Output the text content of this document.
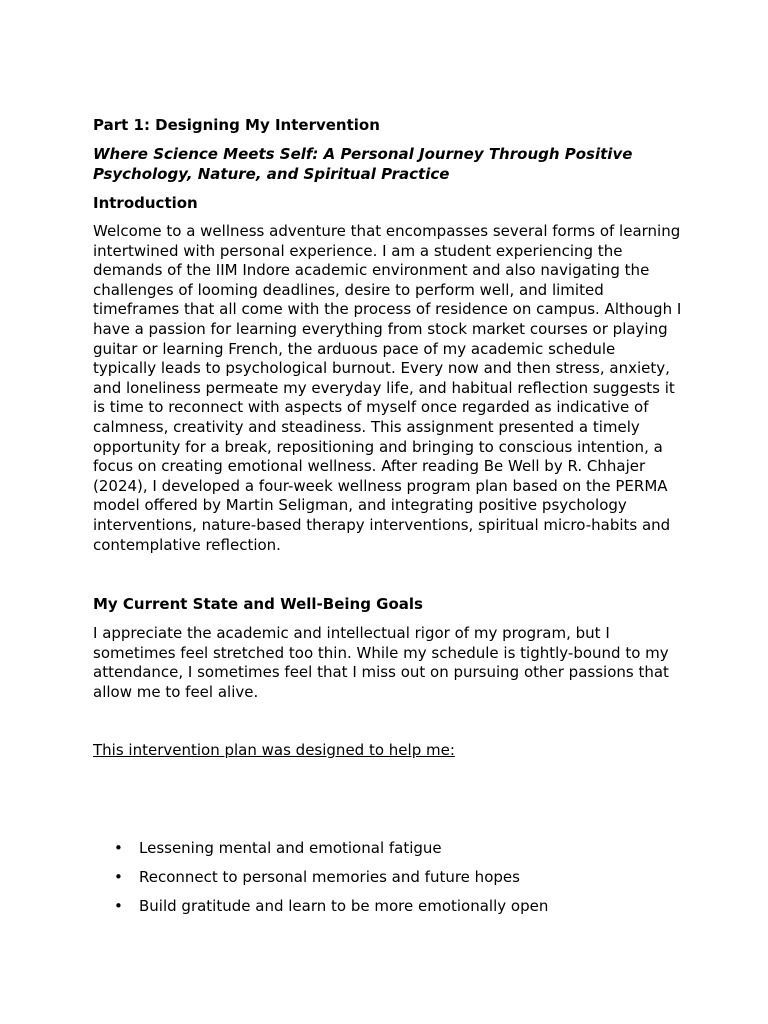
Part 1: Designing My Intervention
Where Science Meets Self: A Personal Journey Through Positive Psychology, Nature, and Spiritual Practice
Introduction

Welcome to a wellness adventure that encompasses several forms of learning intertwined with personal experience. I am a student experiencing the demands of the IIM Indore academic environment and also navigating the challenges of looming deadlines, desire to perform well, and limited timeframes that all come with the process of residence on campus. Although I have a passion for learning everything from stock market courses or playing guitar or learning French, the arduous pace of my academic schedule typically leads to psychological burnout. Every now and then stress, anxiety, and loneliness permeate my everyday life, and habitual reflection suggests it is time to reconnect with aspects of myself once regarded as indicative of calmness, creativity and steadiness. This assignment presented a timely opportunity for a break, repositioning and bringing to conscious intention, a focus on creating emotional wellness. After reading Be Well by R. Chhajer (2024), I developed a four-week wellness program plan based on the PERMA model offered by Martin Seligman, and integrating positive psychology interventions, nature-based therapy interventions, spiritual micro-habits and contemplative reflection.

My Current State and Well-Being Goals

I appreciate the academic and intellectual rigor of my program, but I sometimes feel stretched too thin. While my schedule is tightly-bound to my attendance, I sometimes feel that I miss out on pursuing other passions that allow me to feel alive.

This intervention plan was designed to help me:
• Lessening mental and emotional fatigue
• Reconnect to personal memories and future hopes
• Build gratitude and learn to be more emotionally open
